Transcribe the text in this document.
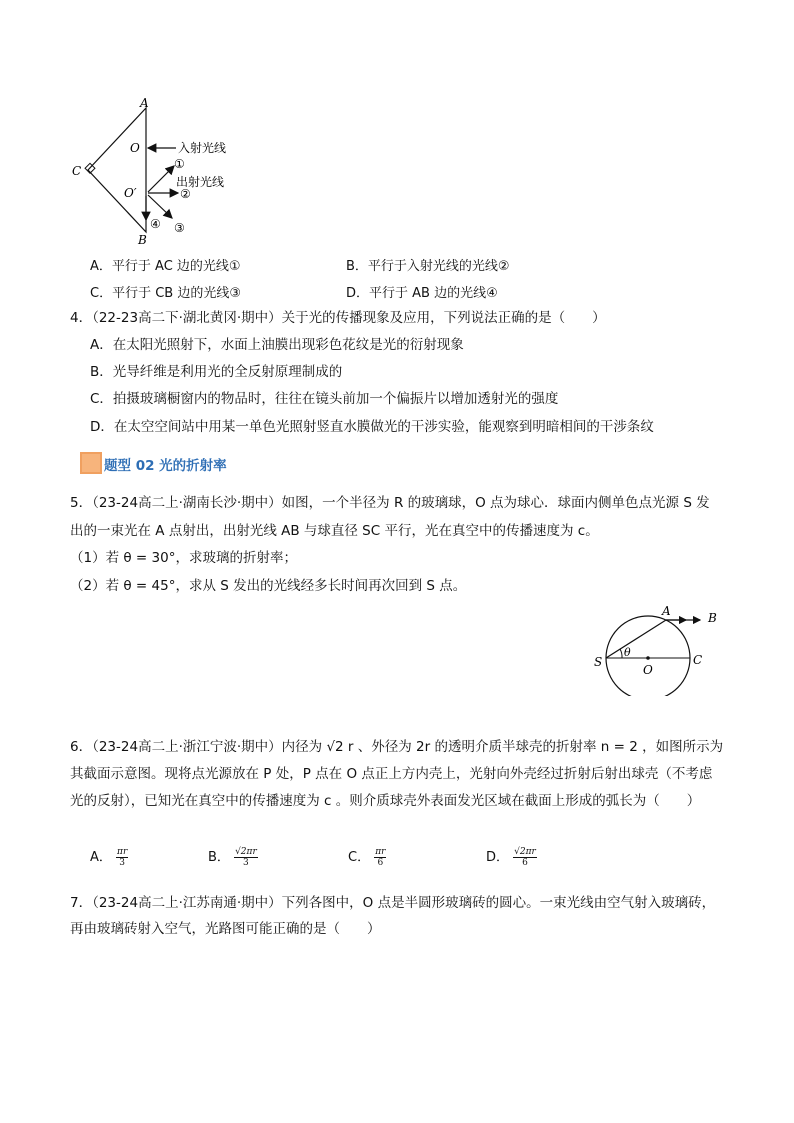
A
C
B
O
O′
入射光线
出射光线
①
②
③
④
A．平行于 AC 边的光线①	B．平行于入射光线的光线②
C．平行于 CB 边的光线③	D．平行于 AB 边的光线④
4．（22-23高二下·湖北黄冈·期中）关于光的传播现象及应用，下列说法正确的是（　　）
A．在太阳光照射下，水面上油膜出现彩色花纹是光的衍射现象
B．光导纤维是利用光的全反射原理制成的
C．拍摄玻璃橱窗内的物品时，往往在镜头前加一个偏振片以增加透射光的强度
D．在太空空间站中用某一单色光照射竖直水膜做光的干涉实验，能观察到明暗相间的干涉条纹
题型 02 光的折射率
5．（23-24高二上·湖南长沙·期中）如图，一个半径为 R 的玻璃球，O 点为球心．球面内侧单色点光源 S 发
出的一束光在 A 点射出，出射光线 AB 与球直径 SC 平行，光在真空中的传播速度为 c。
（1）若 θ = 30°，求玻璃的折射率；
（2）若 θ = 45°，求从 S 发出的光线经多长时间再次回到 S 点。
S
A	B
C
O
θ
6．（23-24高二上·浙江宁波·期中）内径为 √2 r 、外径为 2r 的透明介质半球壳的折射率 n = 2 ，如图所示为
其截面示意图。现将点光源放在 P 处，P 点在 O 点正上方内壳上，光射向外壳经过折射后射出球壳（不考虑
光的反射），已知光在真空中的传播速度为 c 。则介质球壳外表面发光区域在截面上形成的弧长为（　　）
A． $\frac{\pi r}{3}$	B． $\frac{√2\pi r}{3}$	C． $\frac{\pi r}{6}$	D． $\frac{√2\pi r}{6}$
7．（23-24高二上·江苏南通·期中）下列各图中，O 点是半圆形玻璃砖的圆心。一束光线由空气射入玻璃砖，
再由玻璃砖射入空气，光路图可能正确的是（　　）
